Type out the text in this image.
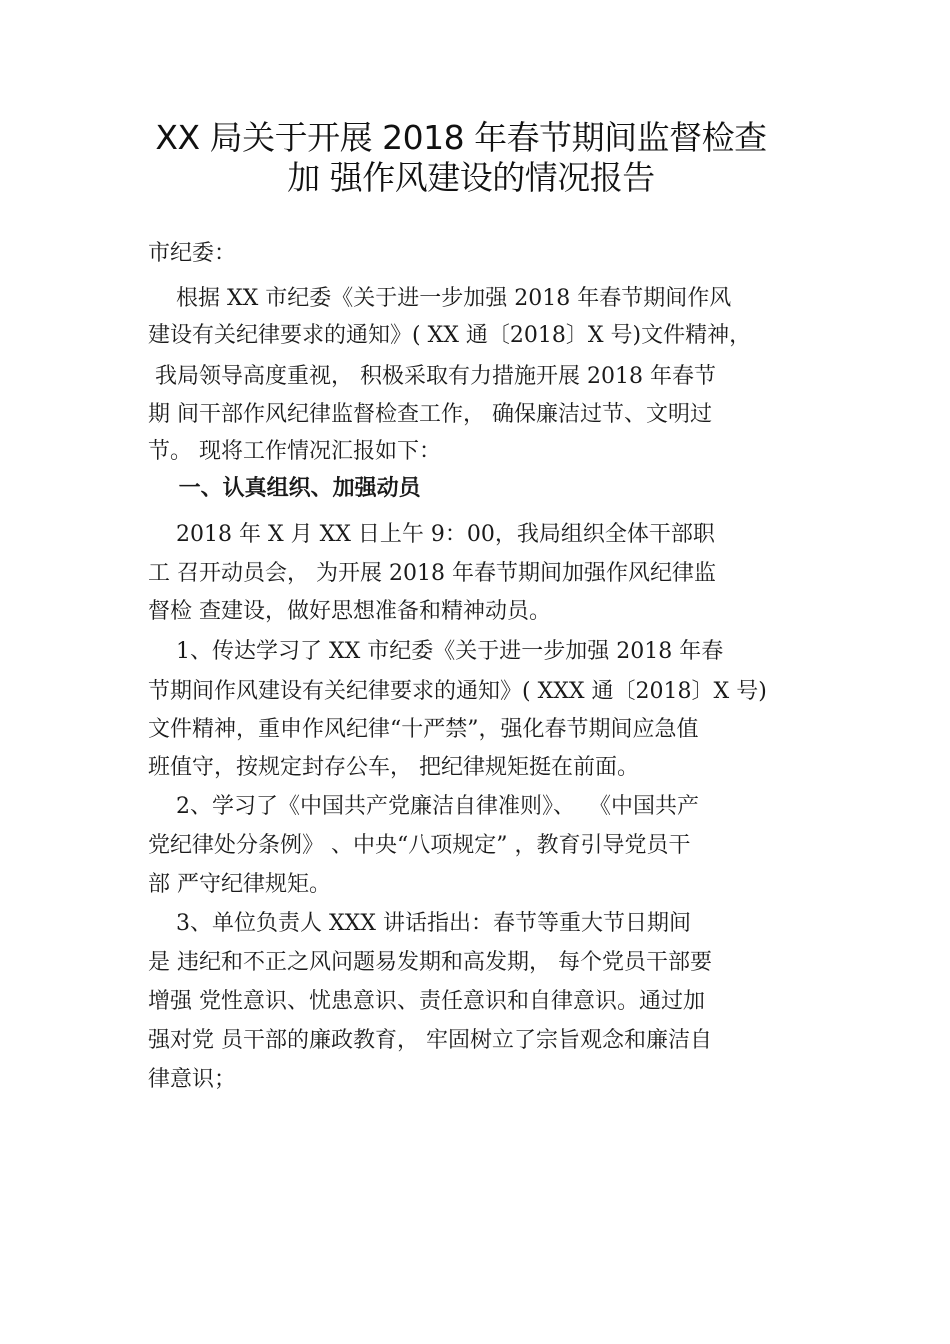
XX 局关于开展 2018 年春节期间监督检查
加 强作风建设的情况报告
市纪委：
根据 XX 市纪委《关于进一步加强 2018 年春节期间作风
建设有关纪律要求的通知》( XX 通〔2018〕X 号)文件精神，
我局领导高度重视， 积极采取有力措施开展 2018 年春节
期 间干部作风纪律监督检查工作， 确保廉洁过节、文明过
节。 现将工作情况汇报如下：
一、认真组织、加强动员
2018 年 X 月 XX 日上午 9：00，我局组织全体干部职
工 召开动员会， 为开展 2018 年春节期间加强作风纪律监
督检 查建设，做好思想准备和精神动员。
1、传达学习了 XX 市纪委《关于进一步加强 2018 年春
节期间作风建设有关纪律要求的通知》( XXX 通〔2018〕X 号)
文件精神，重申作风纪律“十严禁”，强化春节期间应急值
班值守，按规定封存公车， 把纪律规矩挺在前面。
2、学习了《中国共产党廉洁自律准则》、  《中国共产
党纪律处分条例》 、中央“八项规定” ，教育引导党员干
部 严守纪律规矩。
3、单位负责人 XXX 讲话指出：春节等重大节日期间
是 违纪和不正之风问题易发期和高发期， 每个党员干部要
增强 党性意识、忧患意识、责任意识和自律意识。通过加
强对党 员干部的廉政教育， 牢固树立了宗旨观念和廉洁自
律意识；
